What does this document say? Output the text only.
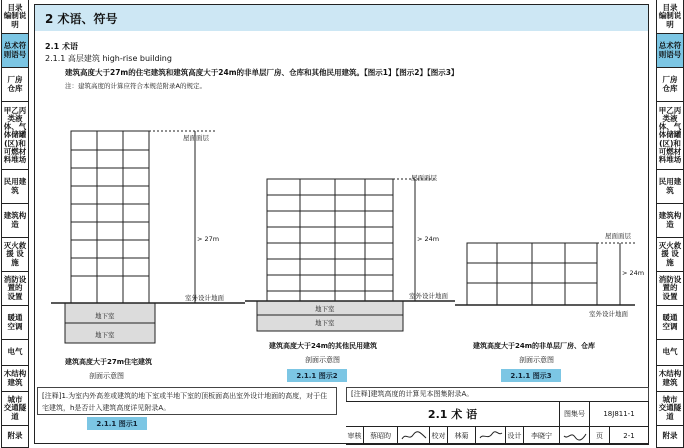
目录 编制说明
总术符则语号
厂房 仓库
甲乙丙类液体、气体储罐(区)和可燃材料堆场
民用建筑
建筑构造
灭火救援 设施
消防设置的 设置
暖通 空调
电气
木结构 建筑
城市 交通隧道
附录
目录 编制说明
总术符则语号
厂房 仓库
甲乙丙类液体、气体储罐(区)和可燃材料堆场
民用建筑
建筑构造
灭火救援 设施
消防设置的 设置
暖通 空调
电气
木结构 建筑
城市 交通隧道
附录
2 术语、符号
2.1 术语
2.1.1 高层建筑 high-rise building
建筑高度大于27m的住宅建筑和建筑高度大于24m的非单层厂房、仓库和其他民用建筑。【图示1】【图示2】【图示3】
注：建筑高度的计算应符合本规范附录A的规定。
屋面面层
> 27m
室外设计地面
地下室
地下室
建筑高度大于27m住宅建筑
剖面示意图
2.1.1 图示1
屋面面层
> 24m
室外设计地面
地下室
地下室
建筑高度大于24m的其他民用建筑
剖面示意图
2.1.1 图示2
屋面面层
> 24m
室外设计地面
建筑高度大于24m的非单层厂房、仓库
剖面示意图
2.1.1 图示3
[注释]1.为室内外高差或建筑的地下室或半地下室的顶板面高出室外设计地面的高度，对于住宅建筑，h是否计入建筑高度详见附录A。
[注释]建筑高度的计算见本图集附录A。
2.1 术 语	图集号	18J811-1
审核	蔡昭昀	校对	林菊	设计	李晓宁	页	2-1
